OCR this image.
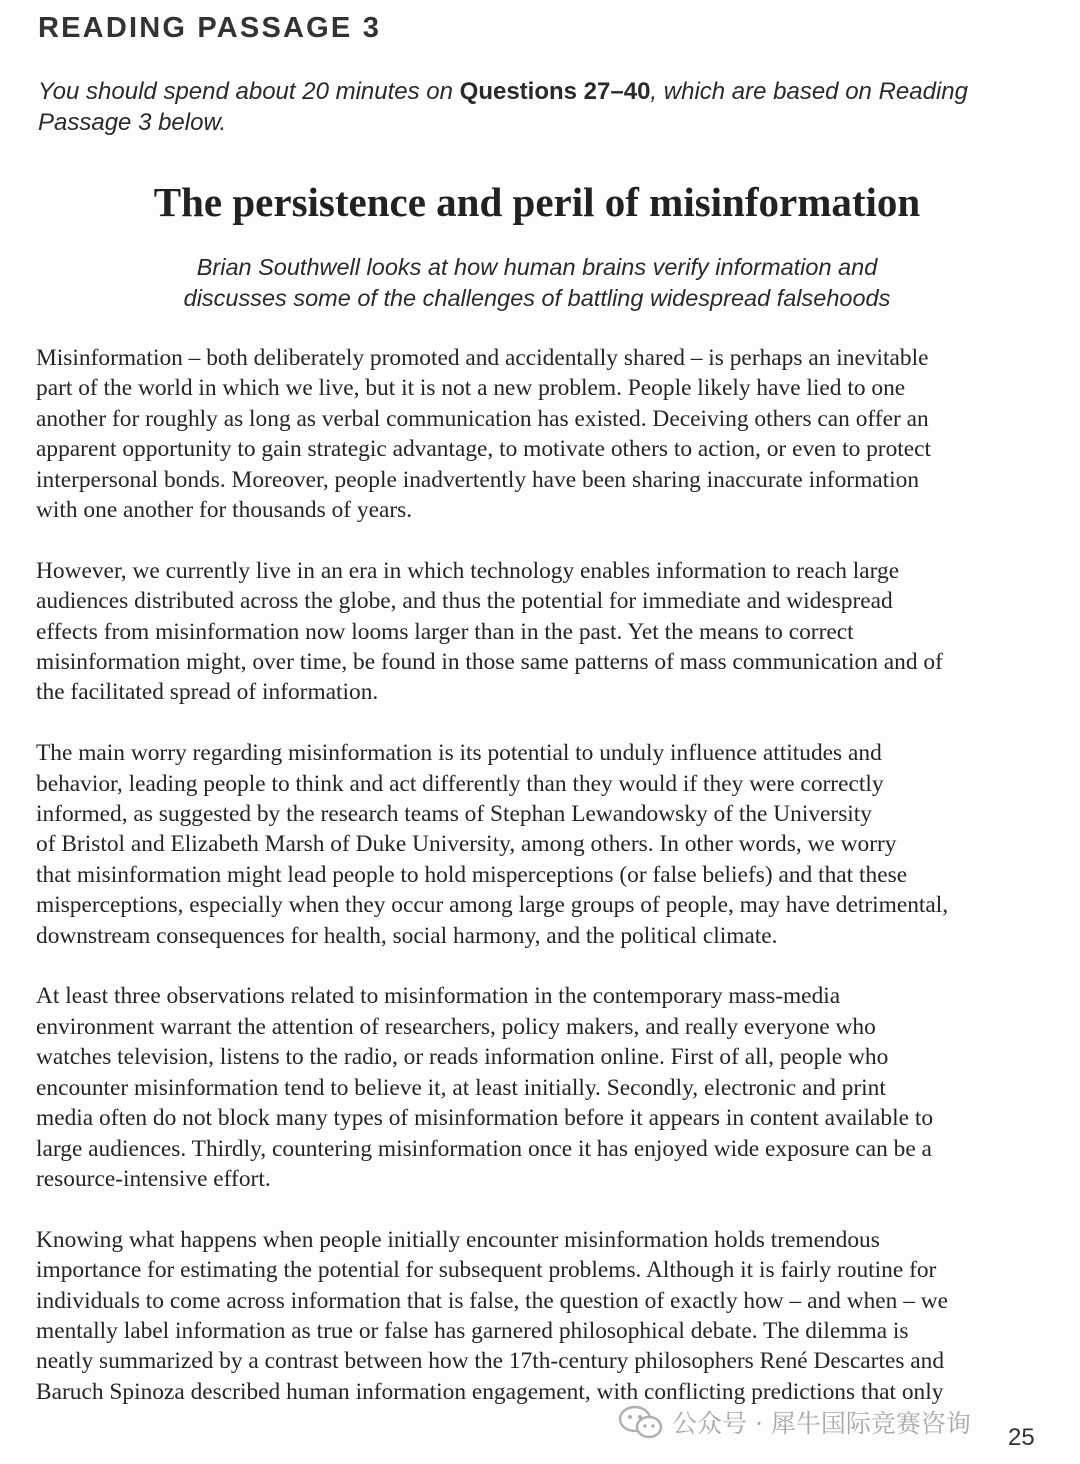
READING PASSAGE 3
You should spend about 20 minutes on Questions 27–40, which are based on Reading Passage 3 below.
The persistence and peril of misinformation
Brian Southwell looks at how human brains verify information and
discusses some of the challenges of battling widespread falsehoods
Misinformation – both deliberately promoted and accidentally shared – is perhaps an inevitable
part of the world in which we live, but it is not a new problem. People likely have lied to one
another for roughly as long as verbal communication has existed. Deceiving others can offer an
apparent opportunity to gain strategic advantage, to motivate others to action, or even to protect
interpersonal bonds. Moreover, people inadvertently have been sharing inaccurate information
with one another for thousands of years.
However, we currently live in an era in which technology enables information to reach large
audiences distributed across the globe, and thus the potential for immediate and widespread
effects from misinformation now looms larger than in the past. Yet the means to correct
misinformation might, over time, be found in those same patterns of mass communication and of
the facilitated spread of information.
The main worry regarding misinformation is its potential to unduly influence attitudes and
behavior, leading people to think and act differently than they would if they were correctly
informed, as suggested by the research teams of Stephan Lewandowsky of the University
of Bristol and Elizabeth Marsh of Duke University, among others. In other words, we worry
that misinformation might lead people to hold misperceptions (or false beliefs) and that these
misperceptions, especially when they occur among large groups of people, may have detrimental,
downstream consequences for health, social harmony, and the political climate.
At least three observations related to misinformation in the contemporary mass-media
environment warrant the attention of researchers, policy makers, and really everyone who
watches television, listens to the radio, or reads information online. First of all, people who
encounter misinformation tend to believe it, at least initially. Secondly, electronic and print
media often do not block many types of misinformation before it appears in content available to
large audiences. Thirdly, countering misinformation once it has enjoyed wide exposure can be a
resource-intensive effort.
Knowing what happens when people initially encounter misinformation holds tremendous
importance for estimating the potential for subsequent problems. Although it is fairly routine for
individuals to come across information that is false, the question of exactly how – and when – we
mentally label information as true or false has garnered philosophical debate. The dilemma is
neatly summarized by a contrast between how the 17th-century philosophers René Descartes and
Baruch Spinoza described human information engagement, with conflicting predictions that only
公众号 · 犀牛国际竞赛咨询 25
